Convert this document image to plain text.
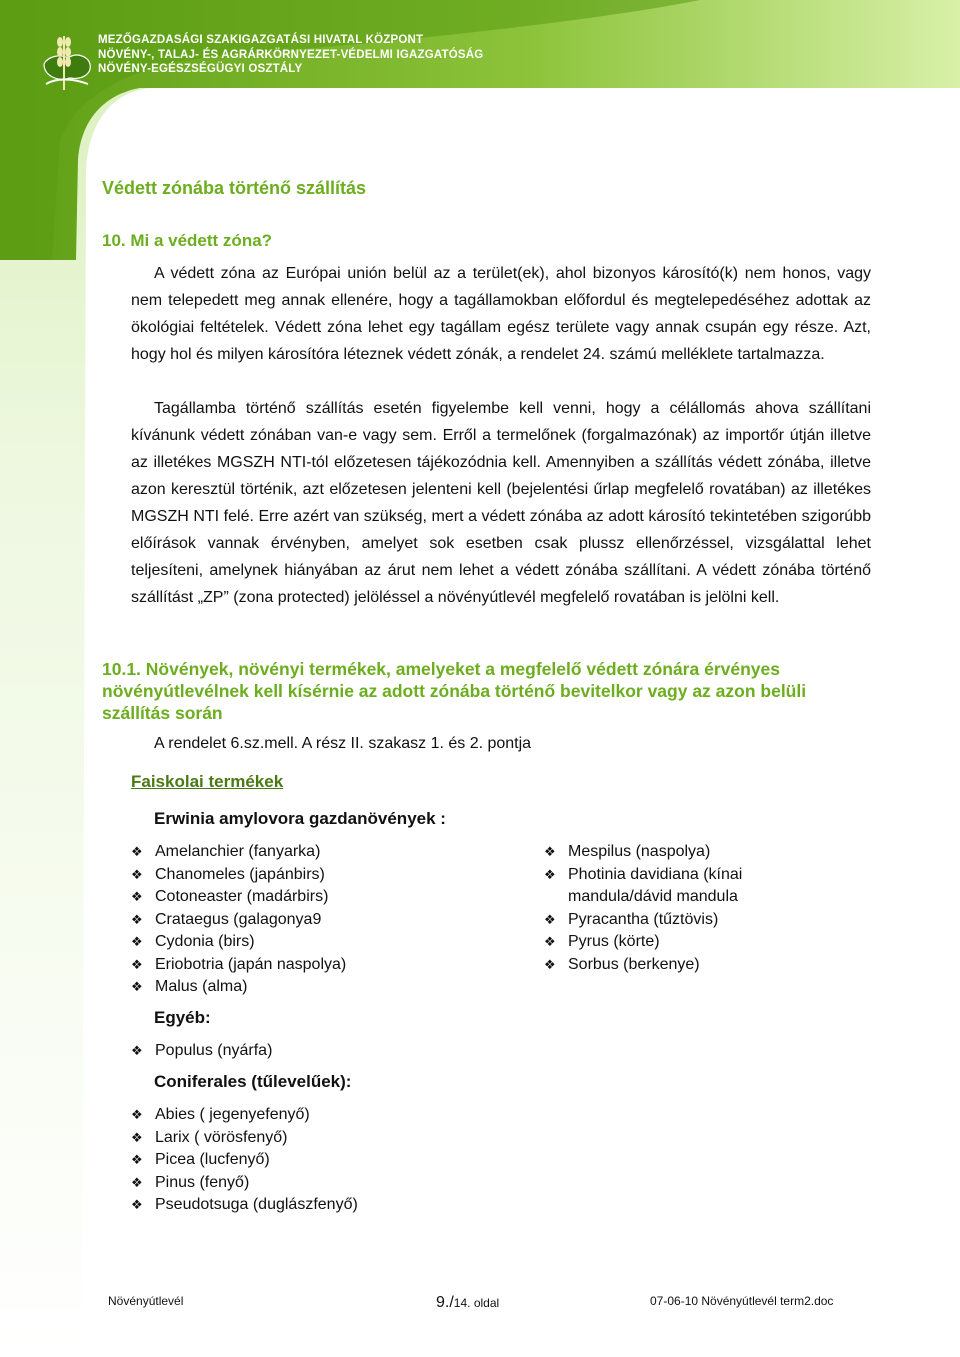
MEZŐGAZDASÁGI SZAKIGAZGATÁSI HIVATAL KÖZPONT
NÖVÉNY-, TALAJ- ÉS AGRÁRKÖRNYEZET-VÉDELMI IGAZGATÓSÁG
NÖVÉNY-EGÉSZSÉGÜGYI OSZTÁLY
Védett zónába történő szállítás
10. Mi a védett zóna?

A védett zóna az Európai unión belül az a terület(ek), ahol bizonyos károsító(k) nem honos, vagy nem telepedett meg annak ellenére, hogy a tagállamokban előfordul és megtelepedéséhez adottak az ökológiai feltételek. Védett zóna lehet egy tagállam egész területe vagy annak csupán egy része. Azt, hogy hol és milyen károsítóra léteznek védett zónák, a rendelet 24. számú melléklete tartalmazza.

Tagállamba történő szállítás esetén figyelembe kell venni, hogy a célállomás ahova szállítani kívánunk védett zónában van-e vagy sem. Erről a termelőnek (forgalmazónak) az importőr útján illetve az illetékes MGSZH NTI-tól előzetesen tájékozódnia kell. Amennyiben a szállítás védett zónába, illetve azon keresztül történik, azt előzetesen jelenteni kell (bejelentési űrlap megfelelő rovatában) az illetékes MGSZH NTI felé. Erre azért van szükség, mert a védett zónába az adott károsító tekintetében szigorúbb előírások vannak érvényben, amelyet sok esetben csak plussz ellenőrzéssel, vizsgálattal lehet teljesíteni, amelynek hiányában az árut nem lehet a védett zónába szállítani. A védett zónába történő szállítást „ZP” (zona protected) jelöléssel a növényútlevél megfelelő rovatában is jelölni kell.

10.1. Növények, növényi termékek, amelyeket a megfelelő védett zónára érvényes növényútlevélnek kell kísérnie az adott zónába történő bevitelkor vagy az azon belüli szállítás során

A rendelet 6.sz.mell. A rész II. szakasz 1. és 2. pontja
Faiskolai termékek
Erwinia amylovora gazdanövények :
❖ Amelanchier (fanyarka)
❖ Chanomeles (japánbirs)
❖ Cotoneaster (madárbirs)
❖ Crataegus (galagonya9
❖ Cydonia (birs)
❖ Eriobotria (japán naspolya)
❖ Malus (alma)
❖ Mespilus (naspolya)
❖ Photinia davidiana (kínai mandula/dávid mandula
❖ Pyracantha (tűztövis)
❖ Pyrus (körte)
❖ Sorbus (berkenye)
Egyéb:
❖ Populus (nyárfa)
Coniferales (tűlevelűek):
❖ Abies ( jegenyefenyő)
❖ Larix ( vörösfenyő)
❖ Picea (lucfenyő)
❖ Pinus (fenyő)
❖ Pseudotsuga (duglászfenyő)
Növényútlevél	9./14. oldal	07-06-10 Növényútlevél term2.doc
